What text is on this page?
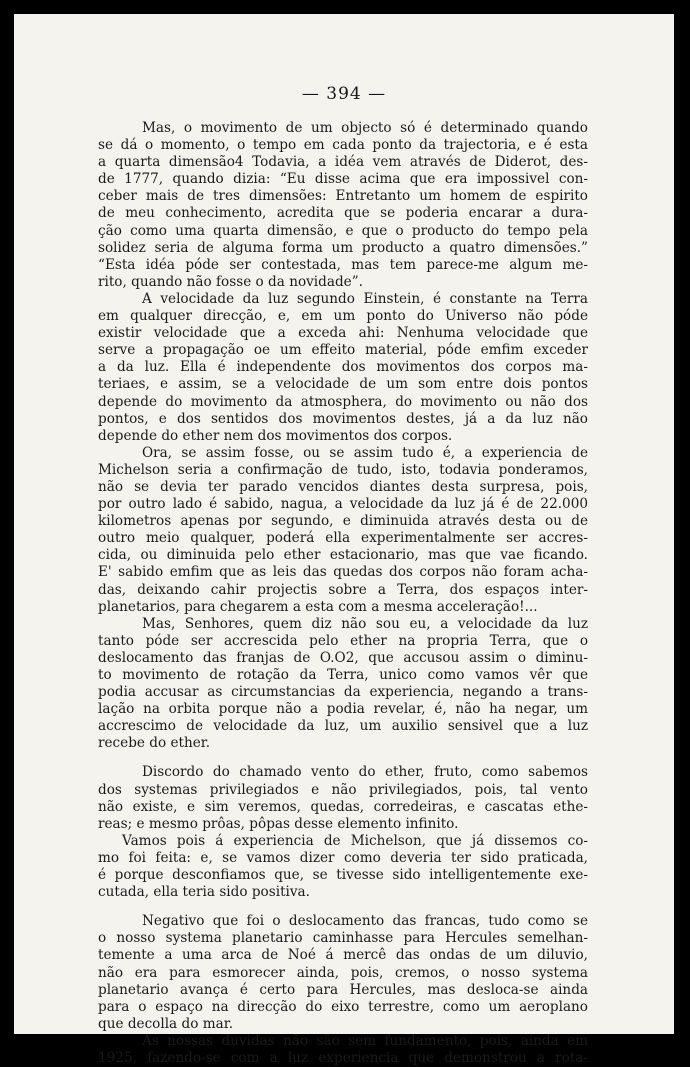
— 394 —
Mas, o movimento de um objecto só é determinado quando
se dá o momento, o tempo em cada ponto da trajectoria, e é esta
a quarta dimensão4 Todavia, a idéa vem através de Diderot, des-
de 1777, quando dizia: “Eu disse acima que era impossivel con-
ceber mais de tres dimensões: Entretanto um homem de espirito
de meu conhecimento, acredita que se poderia encarar a dura-
ção como uma quarta dimensão, e que o producto do tempo pela
solidez seria de alguma forma um producto a quatro dimensões.”
“Esta idéa póde ser contestada, mas tem parece-me algum me-
rito, quando não fosse o da novidade”.
A velocidade da luz segundo Einstein, é constante na Terra
em qualquer direcção, e, em um ponto do Universo não póde
existir velocidade que a exceda ahi: Nenhuma velocidade que
serve a propagação oe um effeito material, póde emfim exceder
a da luz. Ella é independente dos movimentos dos corpos ma-
teriaes, e assim, se a velocidade de um som entre dois pontos
depende do movimento da atmosphera, do movimento ou não dos
pontos, e dos sentidos dos movimentos destes, já a da luz não
depende do ether nem dos movimentos dos corpos.
Ora, se assim fosse, ou se assim tudo é, a experiencia de
Michelson seria a confirmação de tudo, isto, todavia ponderamos,
não se devia ter parado vencidos diantes desta surpresa, pois,
por outro lado é sabido, nagua, a velocidade da luz já é de 22.000
kilometros apenas por segundo, e diminuida através desta ou de
outro meio qualquer, poderá ella experimentalmente ser accres-
cida, ou diminuida pelo ether estacionario, mas que vae ficando.
E' sabido emfim que as leis das quedas dos corpos não foram acha-
das, deixando cahir projectis sobre a Terra, dos espaços inter-
planetarios, para chegarem a esta com a mesma acceleração!...
Mas, Senhores, quem diz não sou eu, a velocidade da luz
tanto póde ser accrescida pelo ether na propria Terra, que o
deslocamento das franjas de O.O2, que accusou assim o diminu-
to movimento de rotação da Terra, unico como vamos vêr que
podia accusar as circumstancias da experiencia, negando a trans-
lação na orbita porque não a podia revelar, é, não ha negar, um
accrescimo de velocidade da luz, um auxilio sensivel que a luz
recebe do ether.
Discordo do chamado vento do ether, fruto, como sabemos
dos systemas privilegiados e não privilegiados, pois, tal vento
não existe, e sim veremos, quedas, corredeiras, e cascatas ethe-
reas; e mesmo prôas, pôpas desse elemento infinito.
Vamos pois á experiencia de Michelson, que já dissemos co-
mo foi feita: e, se vamos dizer como deveria ter sido praticada,
é porque desconfiamos que, se tivesse sido intelligentemente exe-
cutada, ella teria sido positiva.
Negativo que foi o deslocamento das francas, tudo como se
o nosso systema planetario caminhasse para Hercules semelhan-
temente a uma arca de Noé á mercê das ondas de um diluvio,
não era para esmorecer ainda, pois, cremos, o nosso systema
planetario avança é certo para Hercules, mas desloca-se ainda
para o espaço na direcção do eixo terrestre, como um aeroplano
que decolla do mar.
As nossas duvidas não são sem fundamento, pois, ainda em
1925, fazendo-se com a luz experiencia que demonstrou a rota-
